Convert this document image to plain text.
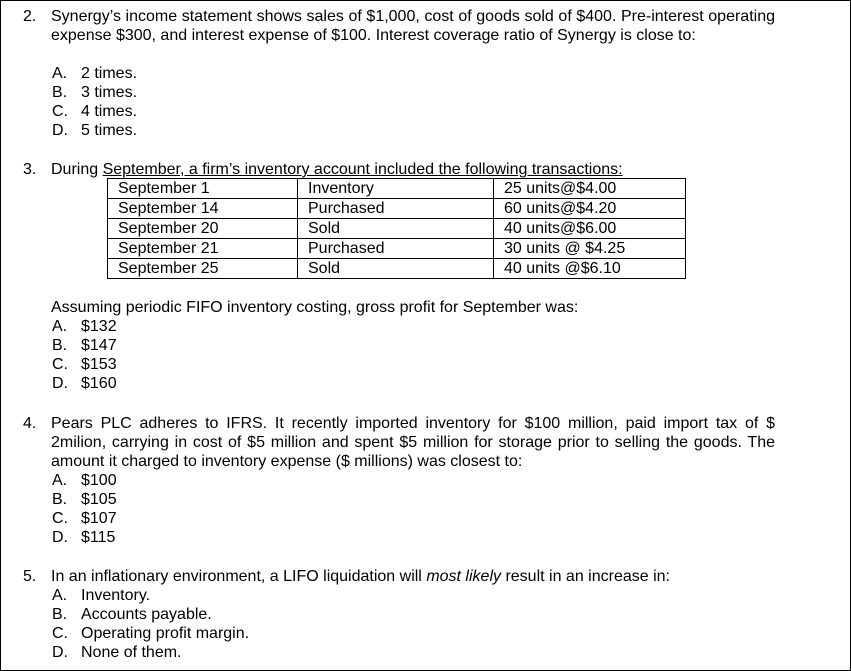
2. Synergy’s income statement shows sales of $1,000, cost of goods sold of $400. Pre-interest operating expense $300, and interest expense of $100. Interest coverage ratio of Synergy is close to:
A. 2 times.
B. 3 times.
C. 4 times.
D. 5 times.
3. During September, a firm’s inventory account included the following transactions:
September 1	Inventory	25 units@$4.00
September 14	Purchased	60 units@$4.20
September 20	Sold	40 units@$6.00
September 21	Purchased	30 units @ $4.25
September 25	Sold	40 units @$6.10
Assuming periodic FIFO inventory costing, gross profit for September was:
A. $132
B. $147
C. $153
D. $160
4. Pears PLC adheres to IFRS. It recently imported inventory for $100 million, paid import tax of $ 2milion, carrying in cost of $5 million and spent $5 million for storage prior to selling the goods. The amount it charged to inventory expense ($ millions) was closest to:
A. $100
B. $105
C. $107
D. $115
5. In an inflationary environment, a LIFO liquidation will most likely result in an increase in:
A. Inventory.
B. Accounts payable.
C. Operating profit margin.
D. None of them.
